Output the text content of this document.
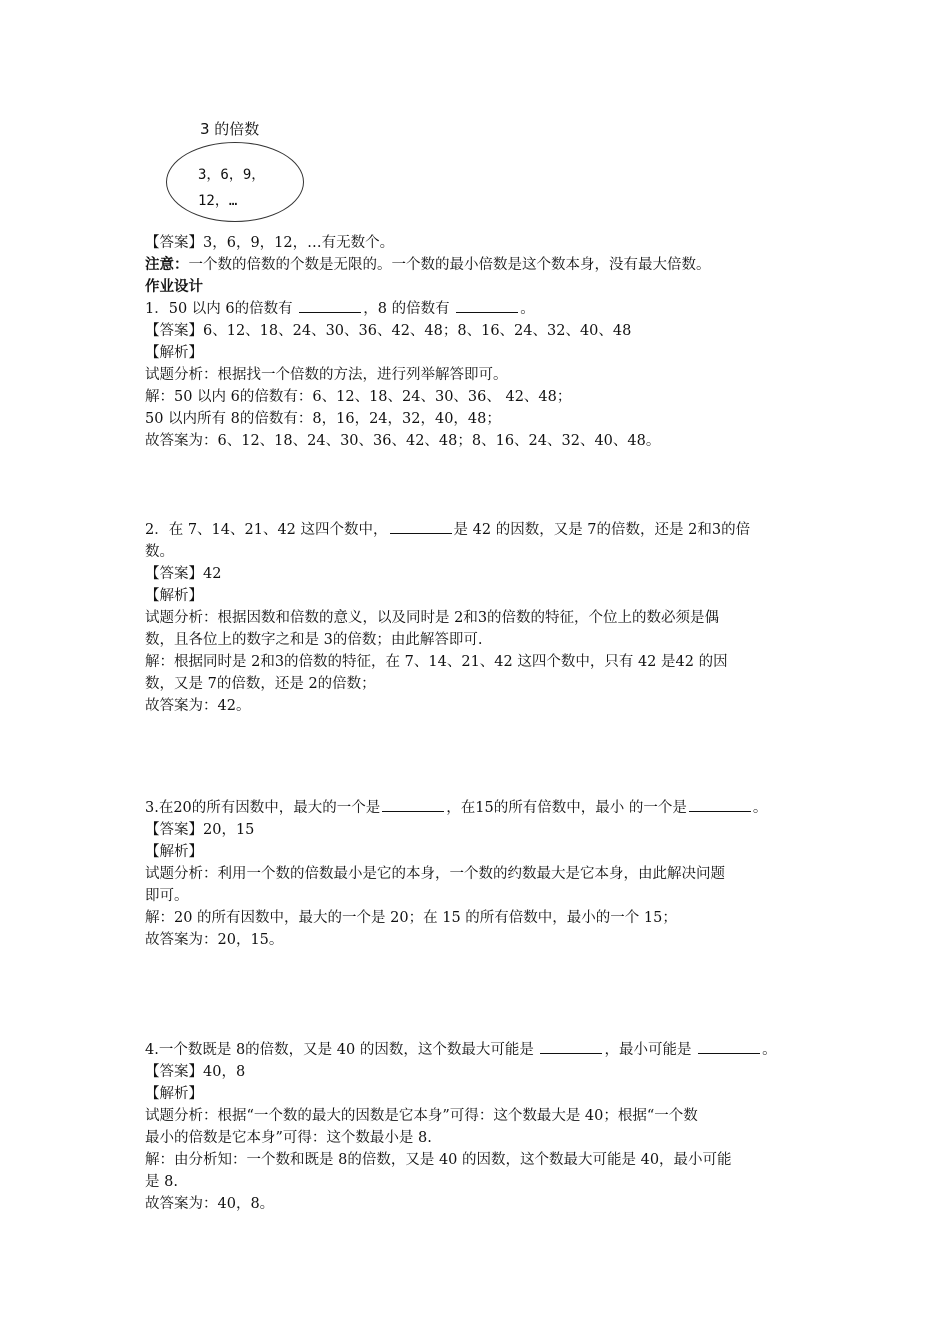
3 的倍数
3，6，9，
12，…
【答案】3，6，9，12，…有无数个。
注意：一个数的倍数的个数是无限的。一个数的最小倍数是这个数本身，没有最大倍数。
作业设计
1．50 以内 6的倍数有	，8 的倍数有	。
【答案】6、12、18、24、30、36、42、48；8、16、24、32、40、48
【解析】
试题分析：根据找一个倍数的方法，进行列举解答即可。
解：50 以内 6的倍数有：6、12、18、24、30、36、 42、48；
50 以内所有 8的倍数有：8，16，24，32，40，48；
故答案为：6、12、18、24、30、36、42、48；8、16、24、32、40、48。
2．在 7、14、21、42 这四个数中，	是 42 的因数，又是 7的倍数，还是 2和3的倍
数。
【答案】42
【解析】
试题分析：根据因数和倍数的意义，以及同时是 2和3的倍数的特征，个位上的数必须是偶
数，且各位上的数字之和是 3的倍数；由此解答即可.
解：根据同时是 2和3的倍数的特征，在 7、14、21、42 这四个数中，只有 42 是42 的因
数，又是 7的倍数，还是 2的倍数；
故答案为：42。
3.在20的所有因数中，最大的一个是	，在15的所有倍数中，最小 的一个是	。
【答案】20，15
【解析】
试题分析：利用一个数的倍数最小是它的本身，一个数的约数最大是它本身，由此解决问题
即可。
解：20 的所有因数中，最大的一个是 20；在 15 的所有倍数中，最小的一个 15；
故答案为：20，15。
4.一个数既是 8的倍数，又是 40 的因数，这个数最大可能是	，最小可能是	。
【答案】40，8
【解析】
试题分析：根据“一个数的最大的因数是它本身”可得：这个数最大是 40；根据“一个数
最小的倍数是它本身”可得：这个数最小是 8.
解：由分析知：一个数和既是 8的倍数，又是 40 的因数，这个数最大可能是 40，最小可能
是 8.
故答案为：40，8。
